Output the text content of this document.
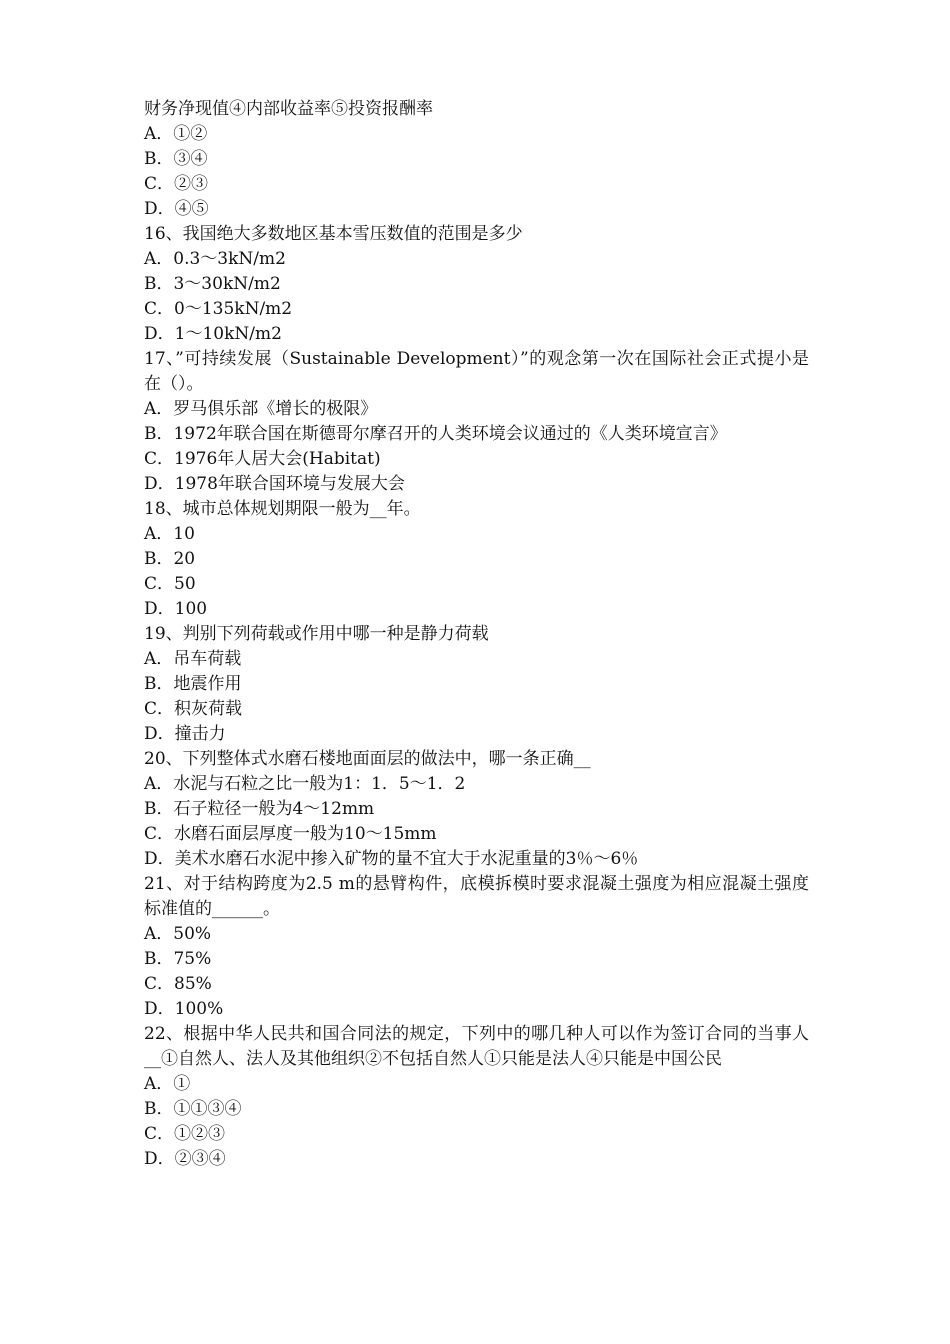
财务净现值④内部收益率⑤投资报酬率
A．①②
B．③④
C．②③
D．④⑤
16、我国绝大多数地区基本雪压数值的范围是多少
A．0.3～3kN/m2
B．3～30kN/m2
C．0～135kN/m2
D．1～10kN/m2
17、”可持续发展（Sustainable Development）”的观念第一次在国际社会正式提小是在（）。
A．罗马俱乐部《增长的极限》
B．1972年联合国在斯德哥尔摩召开的人类环境会议通过的《人类环境宣言》
C．1976年人居大会(Habitat)
D．1978年联合国环境与发展大会
18、城市总体规划期限一般为__年。
A．10
B．20
C．50
D．100
19、判别下列荷载或作用中哪一种是静力荷载
A．吊车荷载
B．地震作用
C．积灰荷载
D．撞击力
20、下列整体式水磨石楼地面面层的做法中，哪一条正确__
A．水泥与石粒之比一般为1：1．5～1．2
B．石子粒径一般为4～12mm
C．水磨石面层厚度一般为10～15mm
D．美术水磨石水泥中掺入矿物的量不宜大于水泥重量的3％～6％
21、对于结构跨度为2.5 m的悬臂构件，底模拆模时要求混凝土强度为相应混凝土强度标准值的______。
A．50%
B．75%
C．85%
D．100%
22、根据中华人民共和国合同法的规定，下列中的哪几种人可以作为签订合同的当事人__①自然人、法人及其他组织②不包括自然人①只能是法人④只能是中国公民
A．①
B．①①③④
C．①②③
D．②③④
